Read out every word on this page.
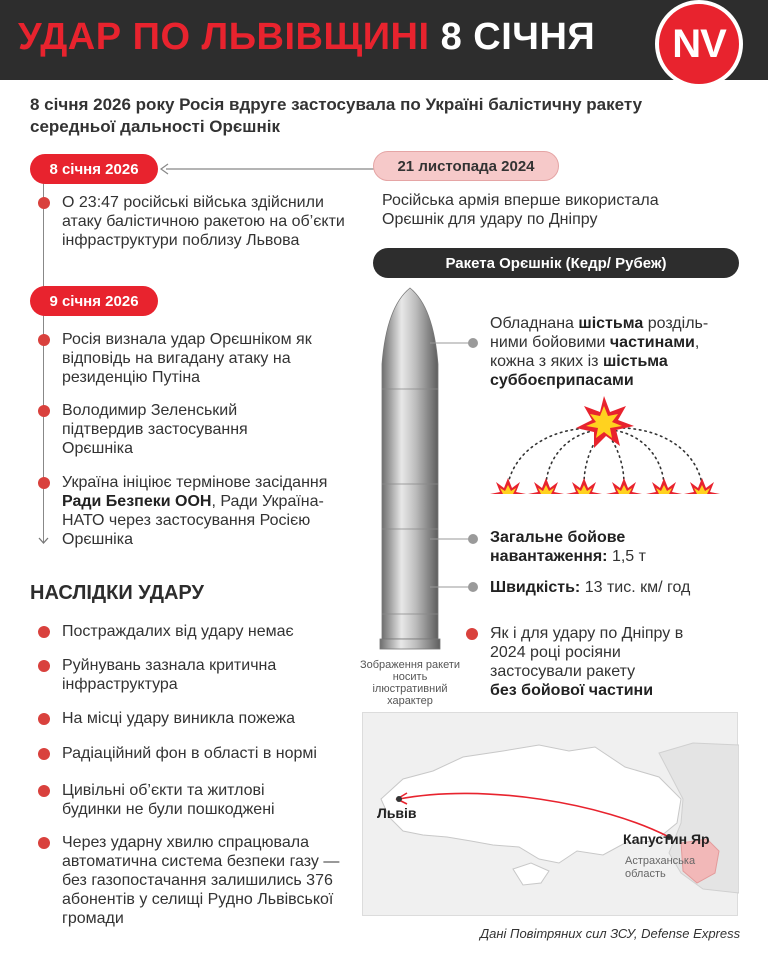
УДАР ПО ЛЬВІВЩИНІ 8 СІЧНЯ NV
8 січня 2026 року Росія вдруге застосувала по Україні балістичну ракету середньої дальності Орєшнік
8 січня 2026
О 23:47 російські війська здійснили атаку балістичною ракетою на об’єкти інфраструктури поблизу Львова
9 січня 2026
Росія визнала удар Орєшніком як відповідь на вигадану атаку на резиденцію Путіна
Володимир Зеленський підтвердив застосування Орєшніка
Україна ініціює термінове засідання Ради Безпеки ООН, Ради Україна-НАТО через застосування Росією Орєшніка
21 листопада 2024
Російська армія вперше використала Орєшнік для удару по Дніпру
Ракета Орєшнік (Кедр/ Рубеж)
Зображення ракети носить ілюстративний характер
Обладнана шістьма розділь-ними бойовими частинами, кожна з яких із шістьма
суббоєприпасами
Загальне бойове навантаження: 1,5 т
Швидкість: 13 тис. км/ год
Як і для удару по Дніпру в 2024 році росіяни застосували ракету
без бойової частини
НАСЛІДКИ УДАРУ
Постраждалих від удару немає
Руйнувань зазнала критична інфраструктура
На місці удару виникла пожежа
Радіаційний фон в області в нормі
Цивільні об’єкти та житлові будинки не були пошкоджені
Через ударну хвилю спрацювала автоматична система безпеки газу — без газопостачання залишились 376 абонентів у селищі Рудно Львівської громади
Львів
Капустин Яр
Астраханська область
Дані Повітряних сил ЗСУ, Defense Express
